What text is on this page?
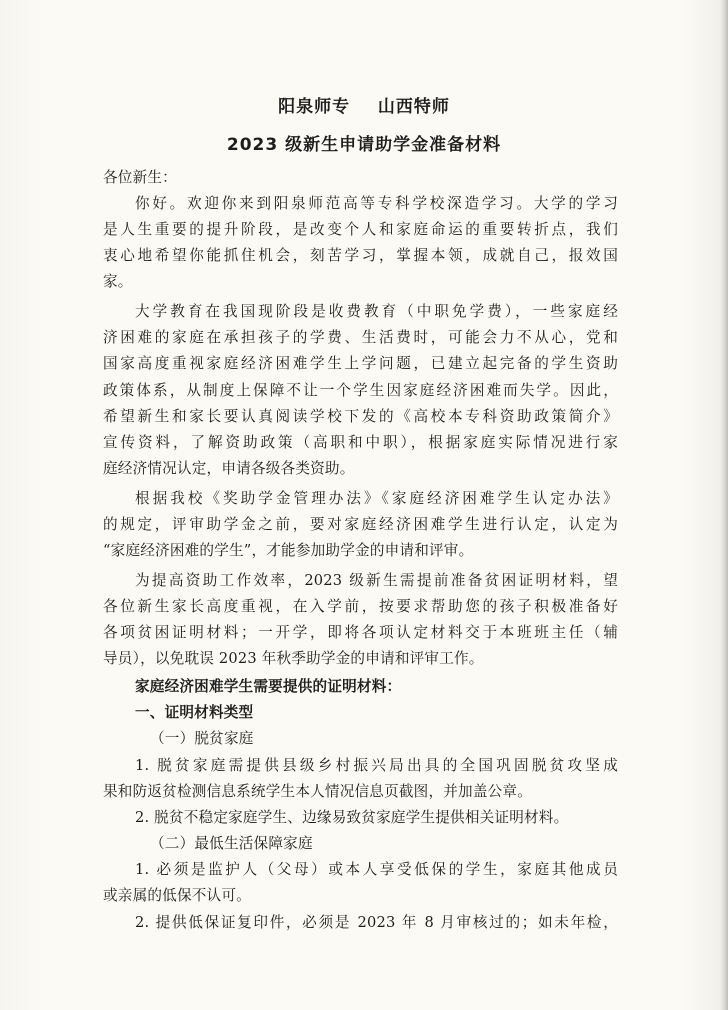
阳泉师专    山西特师
2023 级新生申请助学金准备材料
各位新生：
你好。欢迎你来到阳泉师范高等专科学校深造学习。大学的学习
是人生重要的提升阶段，是改变个人和家庭命运的重要转折点，我们
衷心地希望你能抓住机会，刻苦学习，掌握本领，成就自己，报效国
家。
大学教育在我国现阶段是收费教育（中职免学费），一些家庭经
济困难的家庭在承担孩子的学费、生活费时，可能会力不从心，党和
国家高度重视家庭经济困难学生上学问题，已建立起完备的学生资助
政策体系，从制度上保障不让一个学生因家庭经济困难而失学。因此，
希望新生和家长要认真阅读学校下发的《高校本专科资助政策简介》
宣传资料，了解资助政策（高职和中职），根据家庭实际情况进行家
庭经济情况认定，申请各级各类资助。
根据我校《奖助学金管理办法》《家庭经济困难学生认定办法》
的规定，评审助学金之前，要对家庭经济困难学生进行认定，认定为
“家庭经济困难的学生”，才能参加助学金的申请和评审。
为提高资助工作效率，2023 级新生需提前准备贫困证明材料，望
各位新生家长高度重视，在入学前，按要求帮助您的孩子积极准备好
各项贫困证明材料；一开学，即将各项认定材料交于本班班主任（辅
导员），以免耽误 2023 年秋季助学金的申请和评审工作。
家庭经济困难学生需要提供的证明材料：
一、证明材料类型
（一）脱贫家庭
1. 脱贫家庭需提供县级乡村振兴局出具的全国巩固脱贫攻坚成
果和防返贫检测信息系统学生本人情况信息页截图，并加盖公章。
2. 脱贫不稳定家庭学生、边缘易致贫家庭学生提供相关证明材料。
（二）最低生活保障家庭
1. 必须是监护人（父母）或本人享受低保的学生，家庭其他成员
或亲属的低保不认可。
2. 提供低保证复印件，必须是 2023 年 8 月审核过的；如未年检，
